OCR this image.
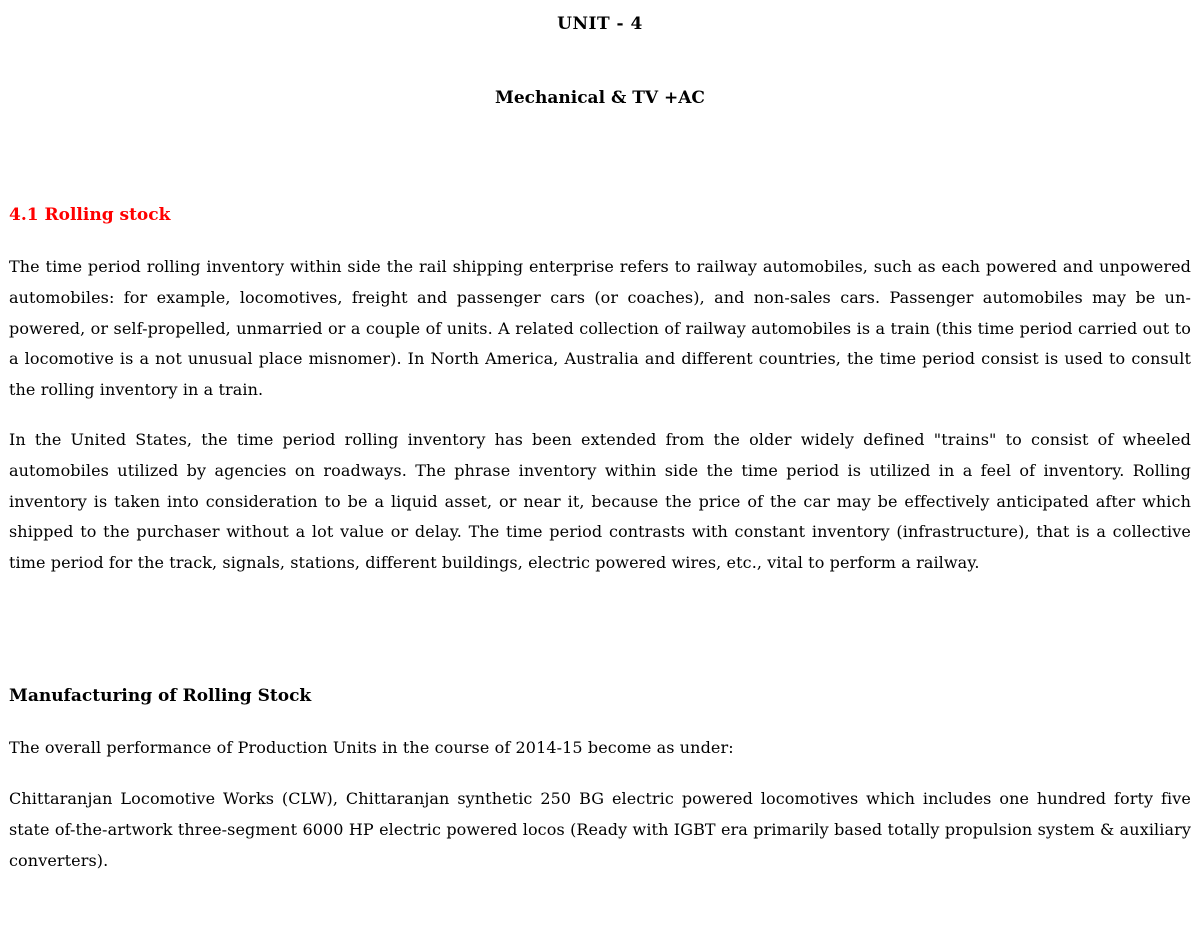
UNIT - 4
Mechanical & TV +AC
4.1 Rolling stock

The time period rolling inventory within side the rail shipping enterprise refers to railway automobiles, such as each powered and unpowered automobiles: for example, locomotives, freight and passenger cars (or coaches), and non-sales cars. Passenger automobiles may be un-powered, or self-propelled, unmarried or a couple of units. A related collection of railway automobiles is a train (this time period carried out to a locomotive is a not unusual place misnomer). In North America, Australia and different countries, the time period consist is used to consult the rolling inventory in a train.

In the United States, the time period rolling inventory has been extended from the older widely defined "trains" to consist of wheeled automobiles utilized by agencies on roadways. The phrase inventory within side the time period is utilized in a feel of inventory. Rolling inventory is taken into consideration to be a liquid asset, or near it, because the price of the car may be effectively anticipated after which shipped to the purchaser without a lot value or delay. The time period contrasts with constant inventory (infrastructure), that is a collective time period for the track, signals, stations, different buildings, electric powered wires, etc., vital to perform a railway.

Manufacturing of Rolling Stock

The overall performance of Production Units in the course of 2014-15 become as under:

Chittaranjan Locomotive Works (CLW), Chittaranjan synthetic 250 BG electric powered locomotives which includes one hundred forty five state of-the-artwork three-segment 6000 HP electric powered locos (Ready with IGBT era primarily based totally propulsion system & auxiliary converters).
